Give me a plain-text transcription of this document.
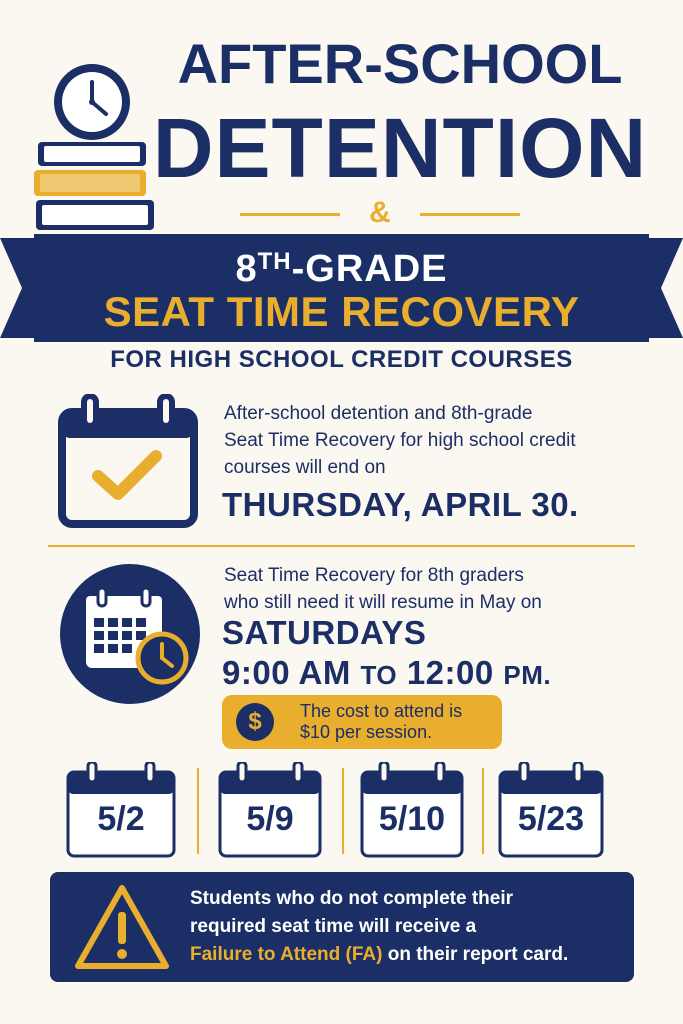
AFTER-SCHOOL
DETENTION
&
8TH-GRADE
SEAT TIME RECOVERY
FOR HIGH SCHOOL CREDIT COURSES
After-school detention and 8th-grade
Seat Time Recovery for high school credit
courses will end on
THURSDAY, APRIL 30.
Seat Time Recovery for 8th graders
who still need it will resume in May on
SATURDAYS
9:00 AM TO 12:00 PM.
$	The cost to attend is
$10 per session.
5/2	5/9	5/10	5/23
Students who do not complete their
required seat time will receive a
Failure to Attend (FA) on their report card.
